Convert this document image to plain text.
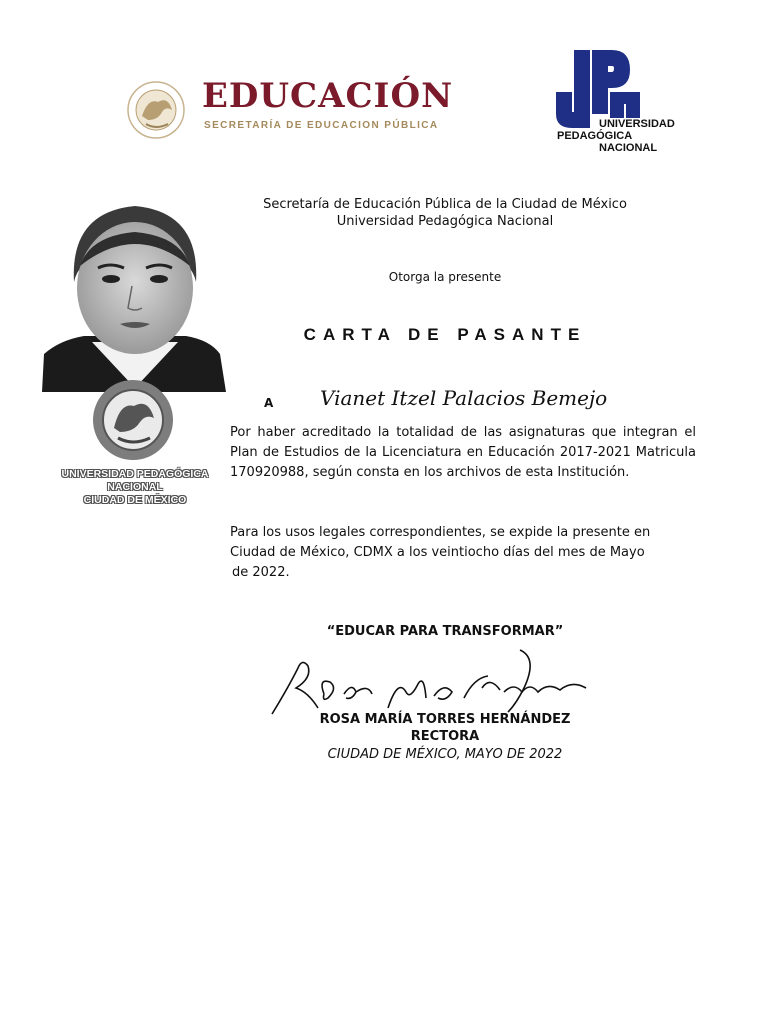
EDUCACIÓN
SECRETARÍA DE EDUCACION PÚBLICA	UNIVERSIDAD
PEDAGÓGICA
NACIONAL
UNIVERSIDAD PEDAGÓGICA
NACIONAL
CIUDAD DE MÉXICO
Secretaría de Educación Pública de la Ciudad de México
Universidad Pedagógica Nacional
Otorga la presente
CARTA DE PASANTE
A Vianet Itzel Palacios Bemejo
Por haber acreditado la totalidad de las asignaturas que integran el Plan de Estudios de la Licenciatura en Educación 2017-2021 Matricula 170920988, según consta en los archivos de esta Institución.
Para los usos legales correspondientes, se expide la presente en
Ciudad de México, CDMX a los veintiocho días del mes de Mayo
de 2022.
“EDUCAR PARA TRANSFORMAR”
ROSA MARÍA TORRES HERNÁNDEZ
RECTORA
CIUDAD DE MÉXICO, MAYO DE 2022
